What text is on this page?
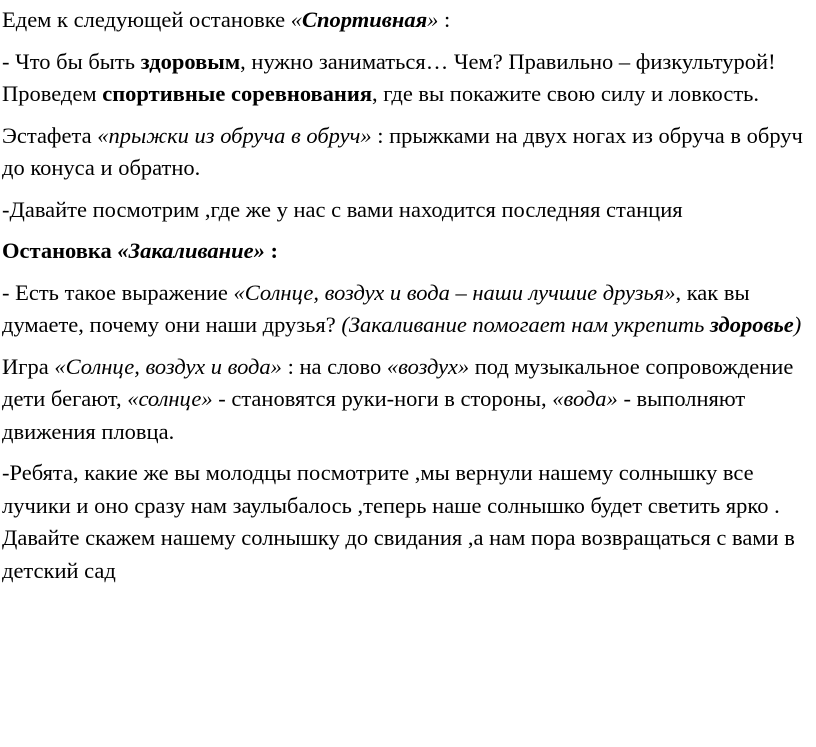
Едем к следующей остановке «Спортивная» :
- Что бы быть здоровым, нужно заниматься… Чем? Правильно – физкультурой! Проведем спортивные соревнования, где вы покажите свою силу и ловкость.
Эстафета «прыжки из обруча в обруч» : прыжками на двух ногах из обруча в обруч до конуса и обратно.
-Давайте посмотрим ,где же у нас с вами находится последняя станция
Остановка «Закаливание» :
- Есть такое выражение «Солнце, воздух и вода – наши лучшие друзья», как вы думаете, почему они наши друзья? (Закаливание помогает нам укрепить здоровье)
Игра «Солнце, воздух и вода» : на слово «воздух» под музыкальное сопровождение дети бегают, «солнце» - становятся руки-ноги в стороны, «вода» - выполняют движения пловца.
-Ребята, какие же вы молодцы посмотрите ,мы вернули нашему солнышку все лучики и оно сразу нам заулыбалось ,теперь наше солнышко будет светить ярко . Давайте скажем нашему солнышку до свидания ,а нам пора возвращаться с вами в детский сад
